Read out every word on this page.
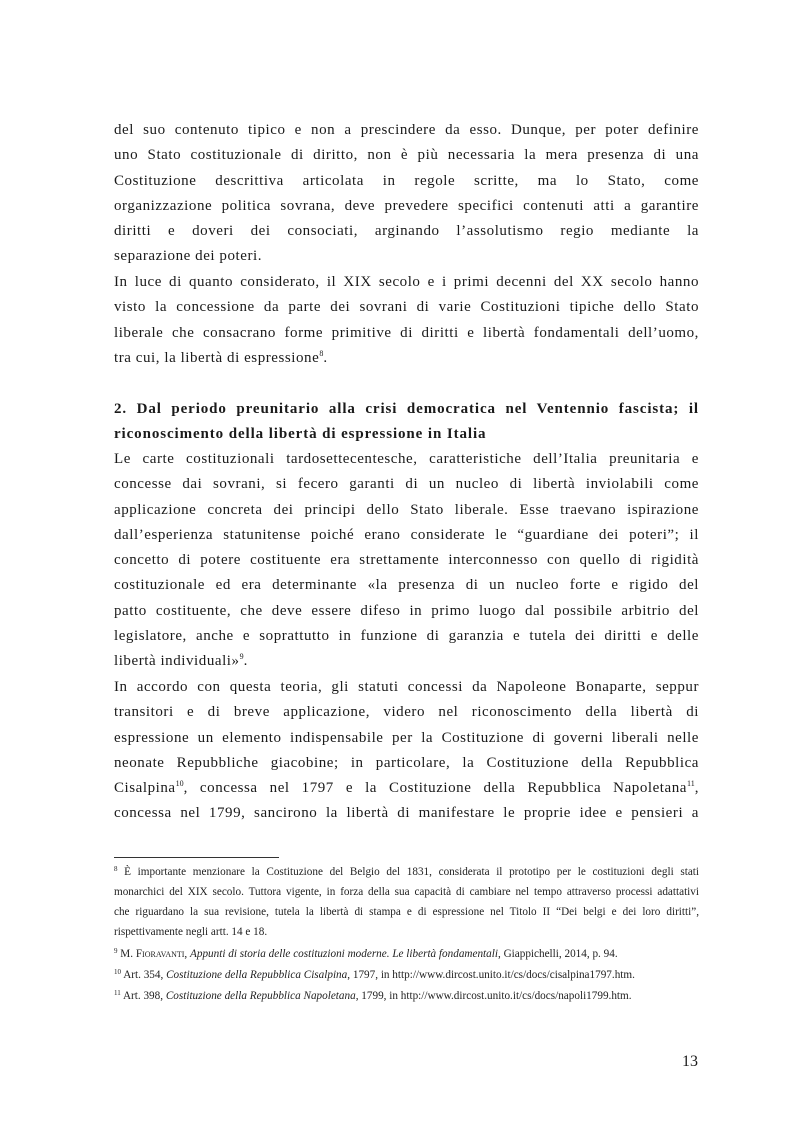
del suo contenuto tipico e non a prescindere da esso. Dunque, per poter definire
uno Stato costituzionale di diritto, non è più necessaria la mera presenza di una
Costituzione descrittiva articolata in regole scritte, ma lo Stato, come
organizzazione politica sovrana, deve prevedere specifici contenuti atti a garantire
diritti e doveri dei consociati, arginando l’assolutismo regio mediante la
separazione dei poteri.
In luce di quanto considerato, il XIX secolo e i primi decenni del XX secolo hanno
visto la concessione da parte dei sovrani di varie Costituzioni tipiche dello Stato
liberale che consacrano forme primitive di diritti e libertà fondamentali dell’uomo,
tra cui, la libertà di espressione$^8$.
2. Dal periodo preunitario alla crisi democratica nel Ventennio fascista; il
riconoscimento della libertà di espressione in Italia
Le carte costituzionali tardosettecentesche, caratteristiche dell’Italia preunitaria e
concesse dai sovrani, si fecero garanti di un nucleo di libertà inviolabili come
applicazione concreta dei principi dello Stato liberale. Esse traevano ispirazione
dall’esperienza statunitense poiché erano considerate le “guardiane dei poteri”; il
concetto di potere costituente era strettamente interconnesso con quello di rigidità
costituzionale ed era determinante «la presenza di un nucleo forte e rigido del
patto costituente, che deve essere difeso in primo luogo dal possibile arbitrio del
legislatore, anche e soprattutto in funzione di garanzia e tutela dei diritti e delle
libertà individuali»$^9$.
In accordo con questa teoria, gli statuti concessi da Napoleone Bonaparte, seppur
transitori e di breve applicazione, videro nel riconoscimento della libertà di
espressione un elemento indispensabile per la Costituzione di governi liberali nelle
neonate Repubbliche giacobine; in particolare, la Costituzione della Repubblica
Cisalpina$^{10}$, concessa nel 1797 e la Costituzione della Repubblica Napoletana$^{11}$,
concessa nel 1799, sancirono la libertà di manifestare le proprie idee e pensieri a
$^8$ È importante menzionare la Costituzione del Belgio del 1831, considerata il prototipo per le costituzioni degli stati
monarchici del XIX secolo. Tuttora vigente, in forza della sua capacità di cambiare nel tempo attraverso processi adattativi
che riguardano la sua revisione, tutela la libertà di stampa e di espressione nel Titolo II “Dei belgi e dei loro diritti”,
rispettivamente negli artt. 14 e 18.
$^9$ M. Fioravanti, Appunti di storia delle costituzioni moderne. Le libertà fondamentali, Giappichelli, 2014, p. 94.
$^{10}$ Art. 354, Costituzione della Repubblica Cisalpina, 1797, in http://www.dircost.unito.it/cs/docs/cisalpina1797.htm.
$^{11}$ Art. 398, Costituzione della Repubblica Napoletana, 1799, in http://www.dircost.unito.it/cs/docs/napoli1799.htm.
13
